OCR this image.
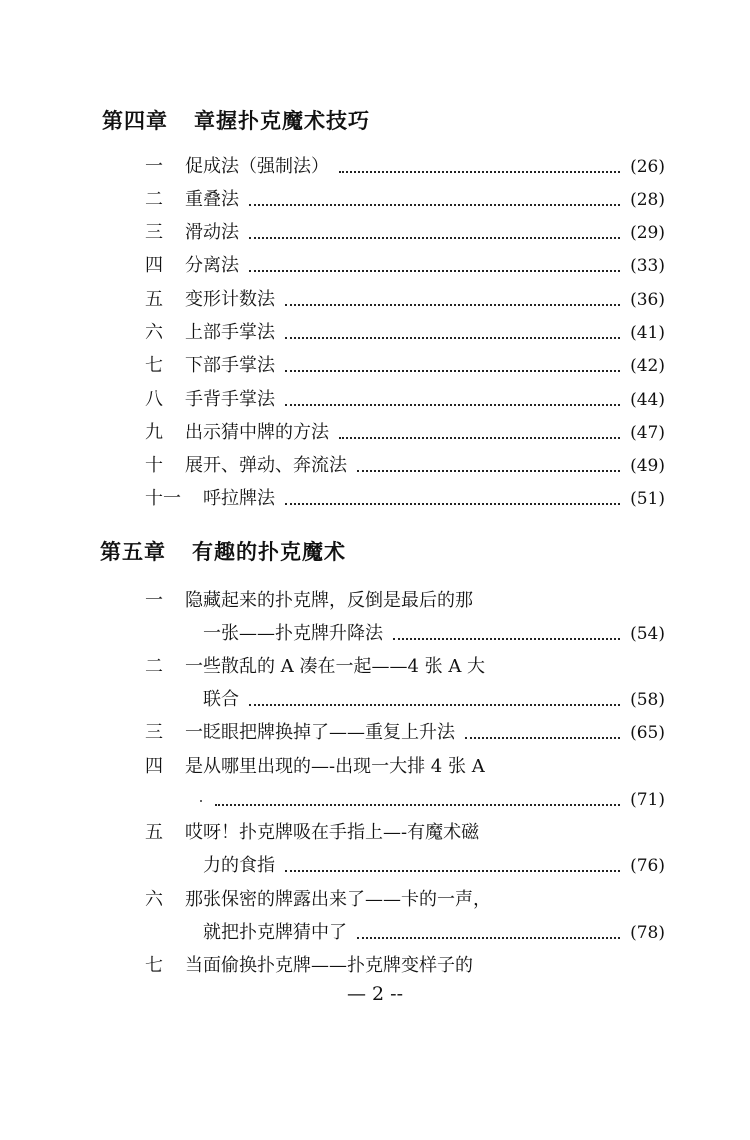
第四章 章握扑克魔术技巧
一	促成法（强制法）	(26)
二	重叠法	(28)
三	滑动法	(29)
四	分离法	(33)
五	变形计数法	(36)
六	上部手掌法	(41)
七	下部手掌法	(42)
八	手背手掌法	(44)
九	出示猜中牌的方法	(47)
十	展开、弹动、奔流法	(49)
十一	呼拉牌法	(51)
第五章 有趣的扑克魔术
一	隐藏起来的扑克牌，反倒是最后的那
一张——扑克牌升降法	(54)
二	一些散乱的 A 凑在一起——4 张 A 大
联合	(58)
三	一眨眼把牌换掉了——重复上升法	(65)
四	是从哪里出现的—-出现一大排 4 张 A
(71)
五	哎呀！扑克牌吸在手指上—-有魔术磁
力的食指	(76)
六	那张保密的牌露出来了——卡的一声，
就把扑克牌猜中了	(78)
七	当面偷换扑克牌——扑克牌变样子的
— 2 --
